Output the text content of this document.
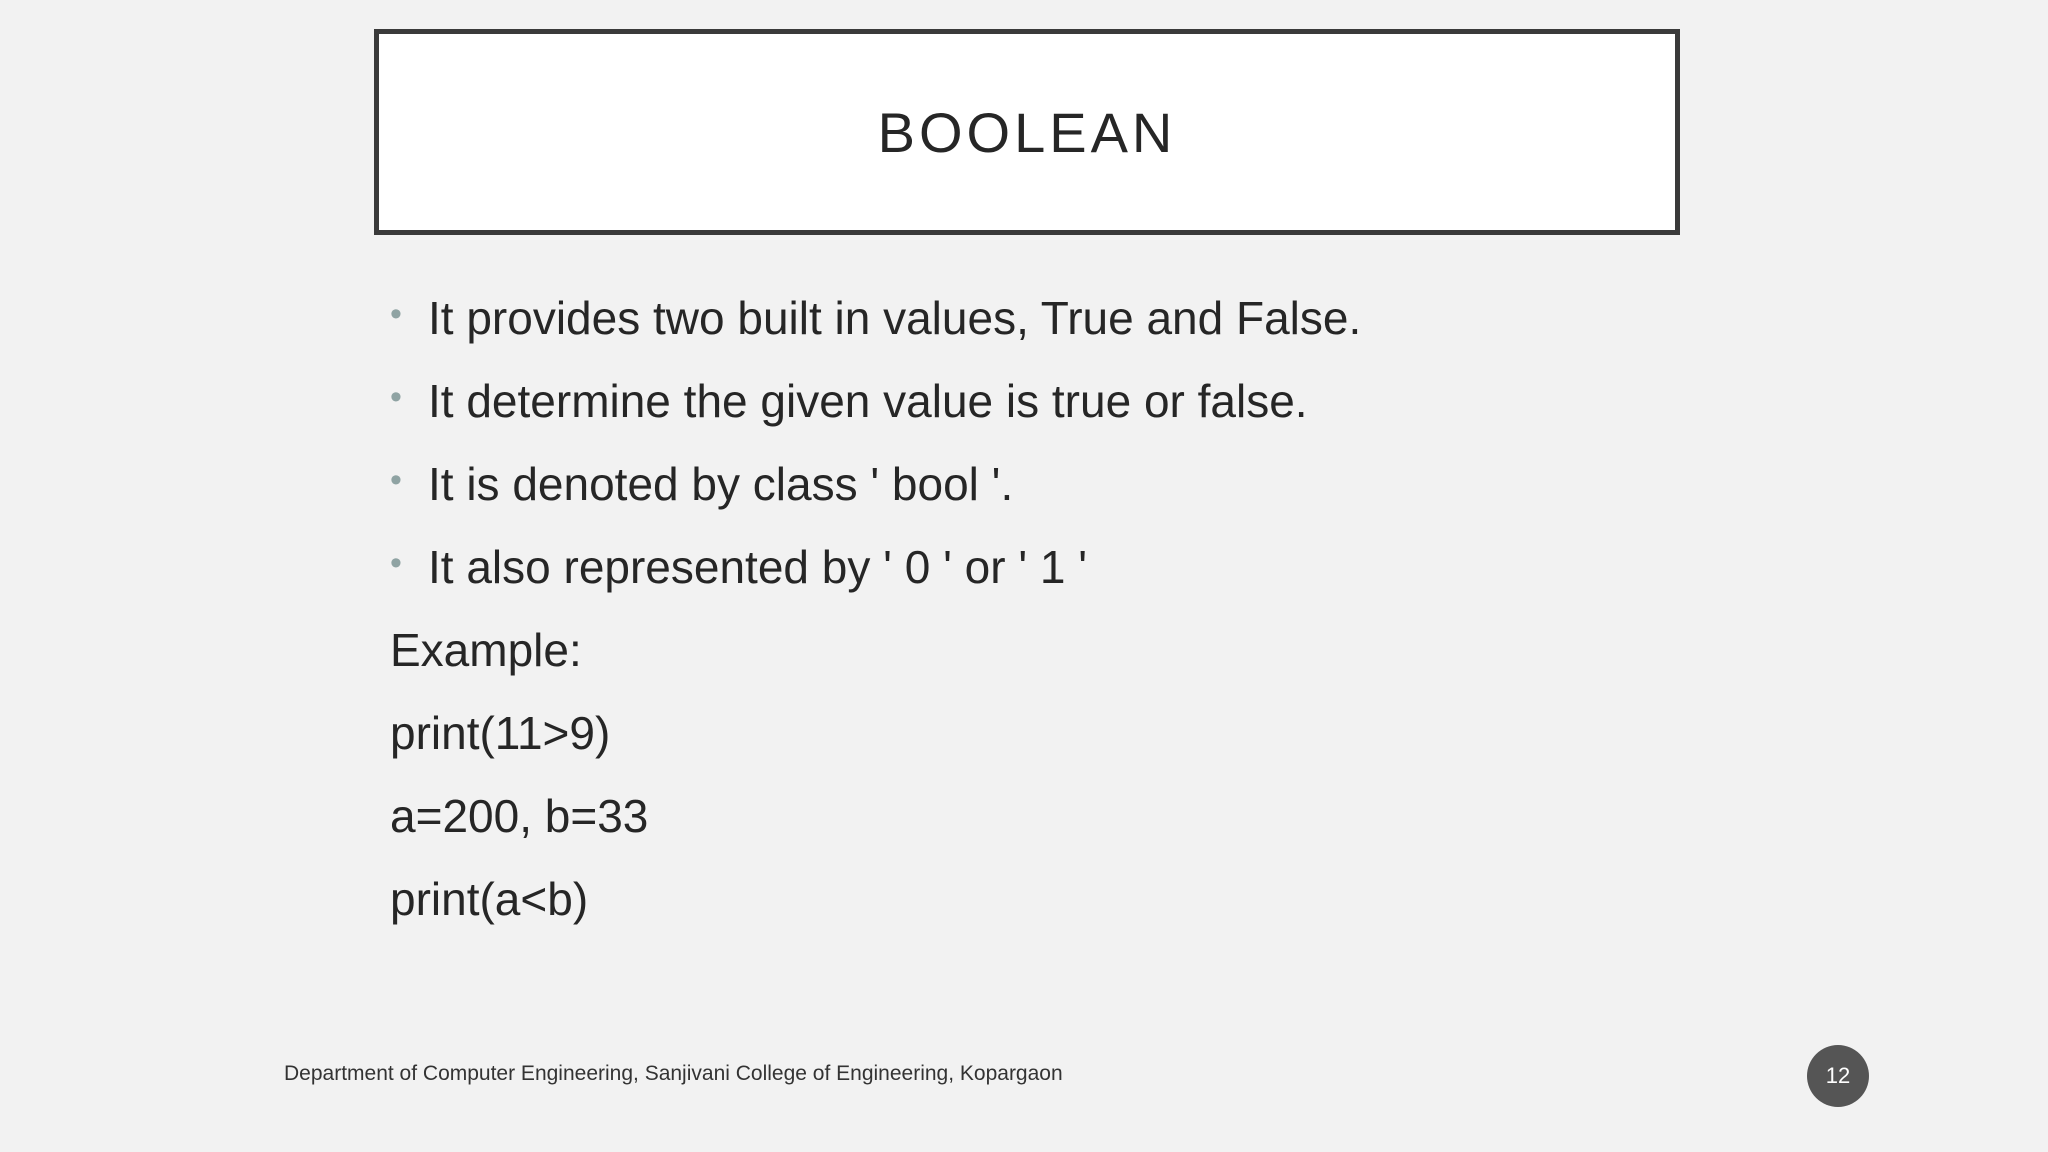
BOOLEAN
• It provides two built in values, True and False.
• It determine the given value is true or false.
• It is denoted by class ' bool '.
• It also represented by ' 0 ' or ' 1 '
Example:
print(11>9)
a=200, b=33
print(a<b)
Department of Computer Engineering, Sanjivani College of Engineering, Kopargaon	12
